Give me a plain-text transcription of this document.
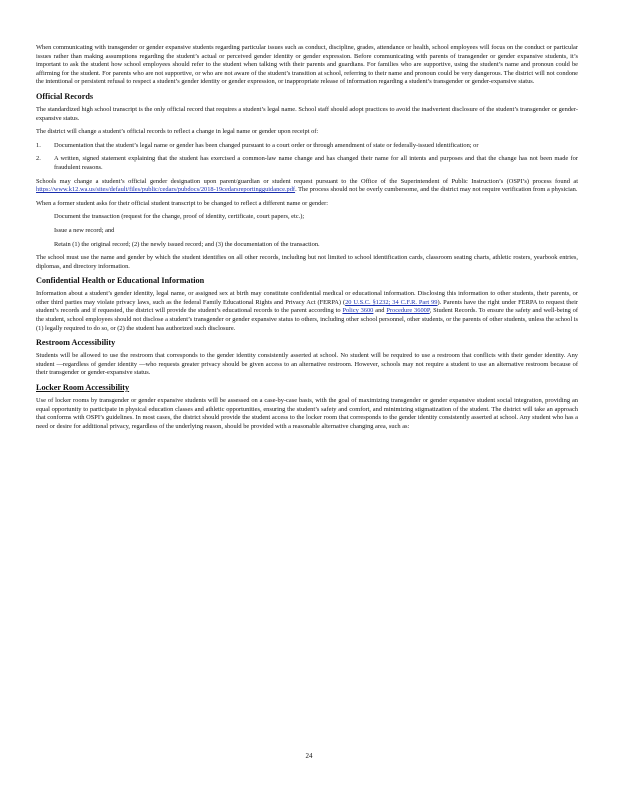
When communicating with transgender or gender expansive students regarding particular issues such as conduct, discipline, grades, attendance or health, school employees will focus on the conduct or particular issues rather than making assumptions regarding the student’s actual or perceived gender identity or gender expression. Before communicating with parents of transgender or gender expansive students, it’s important to ask the student how school employees should refer to the student when talking with their parents and guardians. For families who are supportive, using the student’s name and pronoun could be affirming for the student. For parents who are not supportive, or who are not aware of the student’s transition at school, referring to their name and pronoun could be very dangerous. The district will not condone the intentional or persistent refusal to respect a student’s gender identity or gender expression, or inappropriate release of information regarding a student’s transgender or gender-expansive status.

Official Records

The standardized high school transcript is the only official record that requires a student’s legal name. School staff should adopt practices to avoid the inadvertent disclosure of the student’s transgender or gender-expansive status.

The district will change a student’s official records to reflect a change in legal name or gender upon receipt of:

1.	Documentation that the student’s legal name or gender has been changed pursuant to a court order or through amendment of state or federally-issued identification; or
2.	A written, signed statement explaining that the student has exercised a common-law name change and has changed their name for all intents and purposes and that the change has not been made for fraudulent reasons.

Schools may change a student’s official gender designation upon parent/guardian or student request pursuant to the Office of the Superintendent of Public Instruction’s (OSPI’s) process found at https://www.k12.wa.us/sites/default/files/public/cedars/pubdocs/2018-19cedarsreportingguidance.pdf. The process should not be overly cumbersome, and the district may not require verification from a physician.

When a former student asks for their official student transcript to be changed to reflect a different name or gender:

Document the transaction (request for the change, proof of identity, certificate, court papers, etc.);
Issue a new record; and
Retain (1) the original record; (2) the newly issued record; and (3) the documentation of the transaction.

The school must use the name and gender by which the student identifies on all other records, including but not limited to school identification cards, classroom seating charts, athletic rosters, yearbook entries, diplomas, and directory information.

Confidential Health or Educational Information

Information about a student’s gender identity, legal name, or assigned sex at birth may constitute confidential medical or educational information. Disclosing this information to other students, their parents, or other third parties may violate privacy laws, such as the federal Family Educational Rights and Privacy Act (FERPA) (20 U.S.C. §1232; 34 C.F.R. Part 99). Parents have the right under FERPA to request their student’s records and if requested, the district will provide the student’s educational records to the parent according to Policy 3600 and Procedure 3600P, Student Records. To ensure the safety and well-being of the student, school employees should not disclose a student’s transgender or gender expansive status to others, including other school personnel, other students, or the parents of other students, unless the school is (1) legally required to do so, or (2) the student has authorized such disclosure.

Restroom Accessibility

Students will be allowed to use the restroom that corresponds to the gender identity consistently asserted at school. No student will be required to use a restroom that conflicts with their gender identity. Any student —regardless of gender identity —who requests greater privacy should be given access to an alternative restroom. However, schools may not require a student to use an alternative restroom because of their transgender or gender-expansive status.

Locker Room Accessibility

Use of locker rooms by transgender or gender expansive students will be assessed on a case-by-case basis, with the goal of maximizing transgender or gender expansive student social integration, providing an equal opportunity to participate in physical education classes and athletic opportunities, ensuring the student’s safety and comfort, and minimizing stigmatization of the student. The district will take an approach that conforms with OSPI’s guidelines. In most cases, the district should provide the student access to the locker room that corresponds to the gender identity consistently asserted at school. Any student who has a need or desire for additional privacy, regardless of the underlying reason, should be provided with a reasonable alternative changing area, such as:

24
